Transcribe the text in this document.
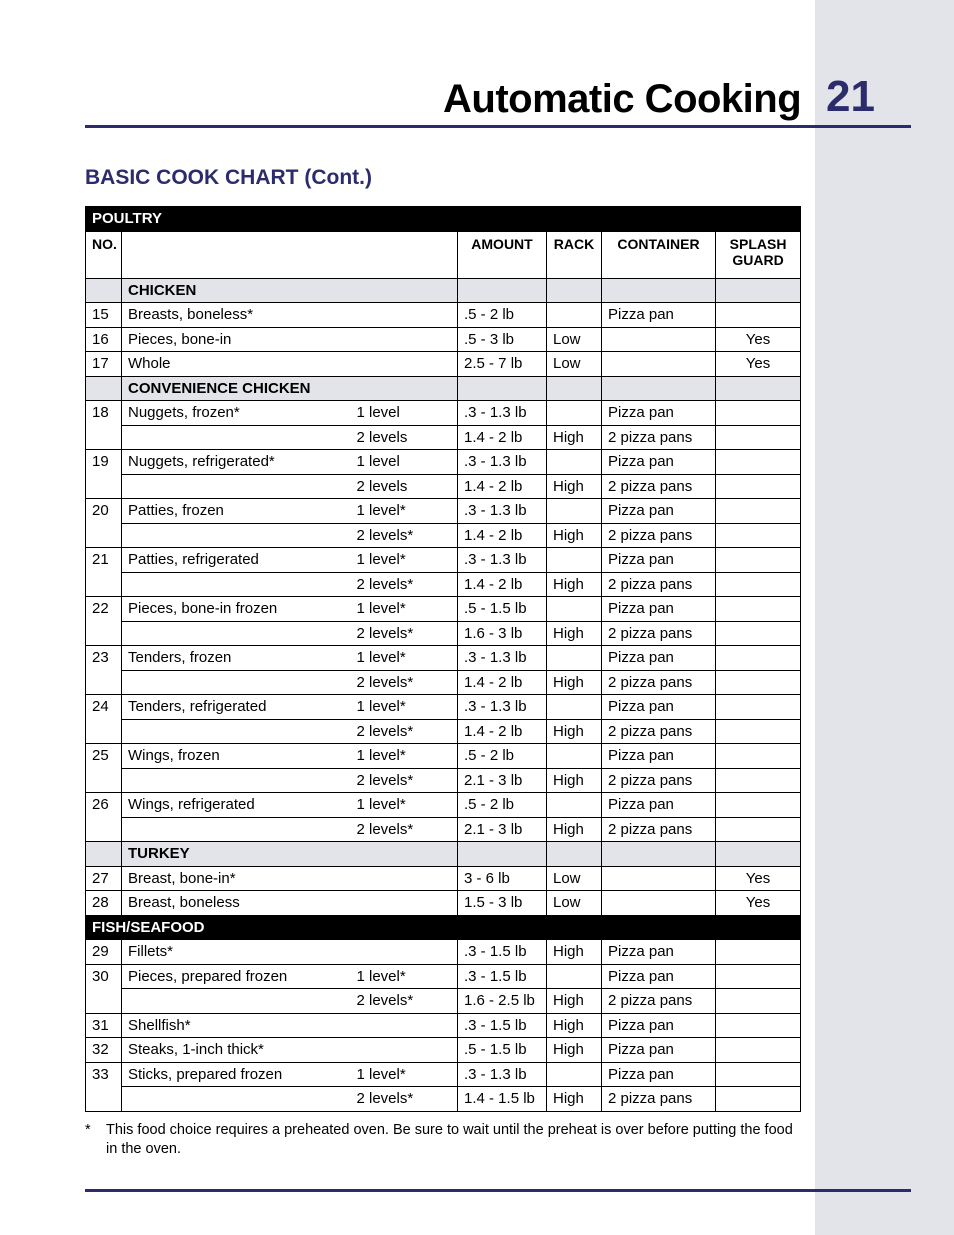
Automatic Cooking 21
BASIC COOK CHART (Cont.)
POULTRY						
NO.			AMOUNT	RACK	CONTAINER	SPLASH
GUARD
	CHICKEN					
15	Breasts, boneless*		.5 - 2 lb		Pizza pan	
16	Pieces, bone-in		.5 - 3 lb	Low		Yes
17	Whole		2.5 - 7 lb	Low		Yes
	CONVENIENCE CHICKEN					
18	Nuggets, frozen*	1 level	.3 - 1.3 lb		Pizza pan	
		2 levels	1.4 - 2 lb	High	2 pizza pans	
19	Nuggets, refrigerated*	1 level	.3 - 1.3 lb		Pizza pan	
		2 levels	1.4 - 2 lb	High	2 pizza pans	
20	Patties, frozen	1 level*	.3 - 1.3 lb		Pizza pan	
		2 levels*	1.4 - 2 lb	High	2 pizza pans	
21	Patties, refrigerated	1 level*	.3 - 1.3 lb		Pizza pan	
		2 levels*	1.4 - 2 lb	High	2 pizza pans	
22	Pieces, bone-in frozen	1 level*	.5 - 1.5 lb		Pizza pan	
		2 levels*	1.6 - 3 lb	High	2 pizza pans	
23	Tenders, frozen	1 level*	.3 - 1.3 lb		Pizza pan	
		2 levels*	1.4 - 2 lb	High	2 pizza pans	
24	Tenders, refrigerated	1 level*	.3 - 1.3 lb		Pizza pan	
		2 levels*	1.4 - 2 lb	High	2 pizza pans	
25	Wings, frozen	1 level*	.5 - 2 lb		Pizza pan	
		2 levels*	2.1 - 3 lb	High	2 pizza pans	
26	Wings, refrigerated	1 level*	.5 - 2 lb		Pizza pan	
		2 levels*	2.1 - 3 lb	High	2 pizza pans	
	TURKEY					
27	Breast, bone-in*		3 - 6 lb	Low		Yes
28	Breast, boneless		1.5 - 3 lb	Low		Yes
FISH/SEAFOOD						
29	Fillets*		.3 - 1.5 lb	High	Pizza pan	
30	Pieces, prepared frozen	1 level*	.3 - 1.5 lb		Pizza pan	
		2 levels*	1.6 - 2.5 lb	High	2 pizza pans	
31	Shellfish*		.3 - 1.5 lb	High	Pizza pan	
32	Steaks, 1-inch thick*		.5 - 1.5 lb	High	Pizza pan	
33	Sticks, prepared frozen	1 level*	.3 - 1.3 lb		Pizza pan	
		2 levels*	1.4 - 1.5 lb	High	2 pizza pans	
* This food choice requires a preheated oven. Be sure to wait until the preheat is over before putting the food in the oven.
